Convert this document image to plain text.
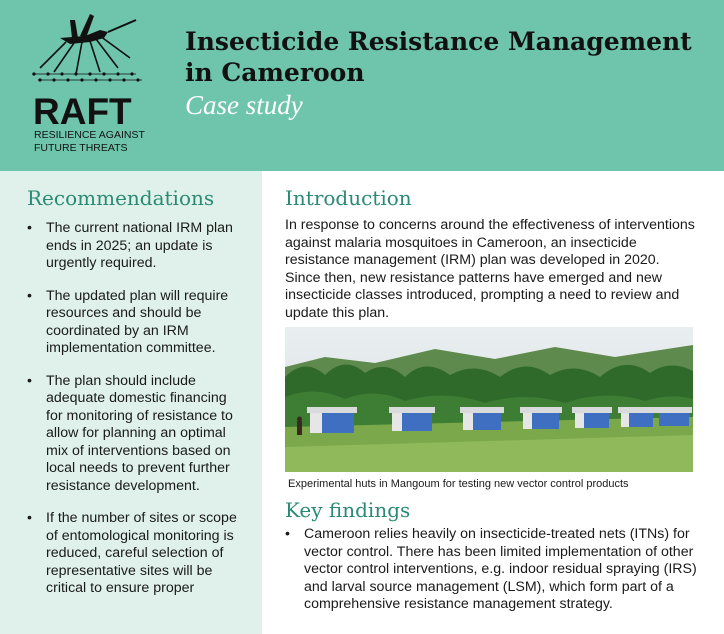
RAFT
RESILIENCE AGAINST
FUTURE THREATS
Insecticide Resistance Management in Cameroon
Case study
Recommendations
• The current national IRM plan ends in 2025; an update is urgently required.
• The updated plan will require resources and should be coordinated by an IRM implementation committee.
• The plan should include adequate domestic financing for monitoring of resistance to allow for planning an optimal mix of interventions based on local needs to prevent further resistance development.
• If the number of sites or scope of entomological monitoring is reduced, careful selection of representative sites will be critical to ensure proper
Introduction

In response to concerns around the effectiveness of interventions against malaria mosquitoes in Cameroon, an insecticide resistance management (IRM) plan was developed in 2020. Since then, new resistance patterns have emerged and new insecticide classes introduced, prompting a need to review and update this plan.

Experimental huts in Mangoum for testing new vector control products
Key findings
• Cameroon relies heavily on insecticide-treated nets (ITNs) for vector control. There has been limited implementation of other vector control interventions, e.g. indoor residual spraying (IRS) and larval source management (LSM), which form part of a comprehensive resistance management strategy.
